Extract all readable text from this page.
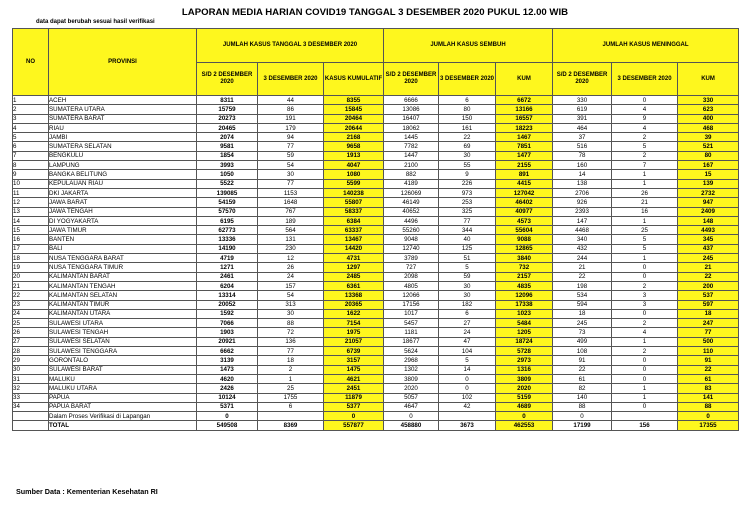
LAPORAN MEDIA HARIAN COVID19 TANGGAL 3 DESEMBER 2020 PUKUL 12.00 WIB
data dapat berubah sesuai hasil verifikasi
NO	PROVINSI	JUMLAH KASUS TANGGAL 3 DESEMBER 2020			JUMLAH KASUS SEMBUH			JUMLAH KASUS MENINGGAL		
		S/D 2 DESEMBER 2020	3 DESEMBER 2020	KASUS KUMULATIF	S/D 2 DESEMBER 2020	3 DESEMBER 2020	KUM	S/D 2 DESEMBER 2020	3 DESEMBER 2020	KUM
1	ACEH	8311	44	8355	6666	6	6672	330	0	330
2	SUMATERA UTARA	15759	86	15845	13086	80	13166	619	4	623
3	SUMATERA BARAT	20273	191	20464	16407	150	16557	391	9	400
4	RIAU	20465	179	20644	18062	161	18223	464	4	468
5	JAMBI	2074	94	2168	1445	22	1467	37	2	39
6	SUMATERA SELATAN	9581	77	9658	7782	69	7851	516	5	521
7	BENGKULU	1854	59	1913	1447	30	1477	78	2	80
8	LAMPUNG	3993	54	4047	2100	55	2155	160	7	167
9	BANGKA BELITUNG	1050	30	1080	882	9	891	14	1	15
10	KEPULAUAN RIAU	5522	77	5599	4189	226	4415	138	1	139
11	DKI JAKARTA	139085	1153	140238	126069	973	127042	2706	26	2732
12	JAWA BARAT	54159	1648	55807	46149	253	46402	926	21	947
13	JAWA TENGAH	57570	767	58337	40652	325	40977	2393	16	2409
14	DI YOGYAKARTA	6195	189	6384	4496	77	4573	147	1	148
15	JAWA TIMUR	62773	564	63337	55260	344	55604	4468	25	4493
16	BANTEN	13336	131	13467	9048	40	9088	340	5	345
17	BALI	14190	230	14420	12740	125	12865	432	5	437
18	NUSA TENGGARA BARAT	4719	12	4731	3789	51	3840	244	1	245
19	NUSA TENGGARA TIMUR	1271	26	1297	727	5	732	21	0	21
20	KALIMANTAN BARAT	2461	24	2485	2098	59	2157	22	0	22
21	KALIMANTAN TENGAH	6204	157	6361	4805	30	4835	198	2	200
22	KALIMANTAN SELATAN	13314	54	13368	12066	30	12096	534	3	537
23	KALIMANTAN TIMUR	20052	313	20365	17156	182	17338	594	3	597
24	KALIMANTAN UTARA	1592	30	1622	1017	6	1023	18	0	18
25	SULAWESI UTARA	7066	88	7154	5457	27	5484	245	2	247
26	SULAWESI TENGAH	1903	72	1975	1181	24	1205	73	4	77
27	SULAWESI SELATAN	20921	136	21057	18677	47	18724	499	1	500
28	SULAWESI TENGGARA	6662	77	6739	5624	104	5728	108	2	110
29	GORONTALO	3139	18	3157	2968	5	2973	91	0	91
30	SULAWESI BARAT	1473	2	1475	1302	14	1316	22	0	22
31	MALUKU	4620	1	4621	3809	0	3809	61	0	61
32	MALUKU UTARA	2426	25	2451	2020	0	2020	82	1	83
33	PAPUA	10124	1755	11879	5057	102	5159	140	1	141
34	PAPUA BARAT	5371	6	5377	4647	42	4689	88	0	88
	Dalam Proses Verifikasi di Lapangan	0		0	0		0	0		0
	TOTAL	549508	8369	557877	458880	3673	462553	17199	156	17355
Sumber Data : Kementerian Kesehatan RI
